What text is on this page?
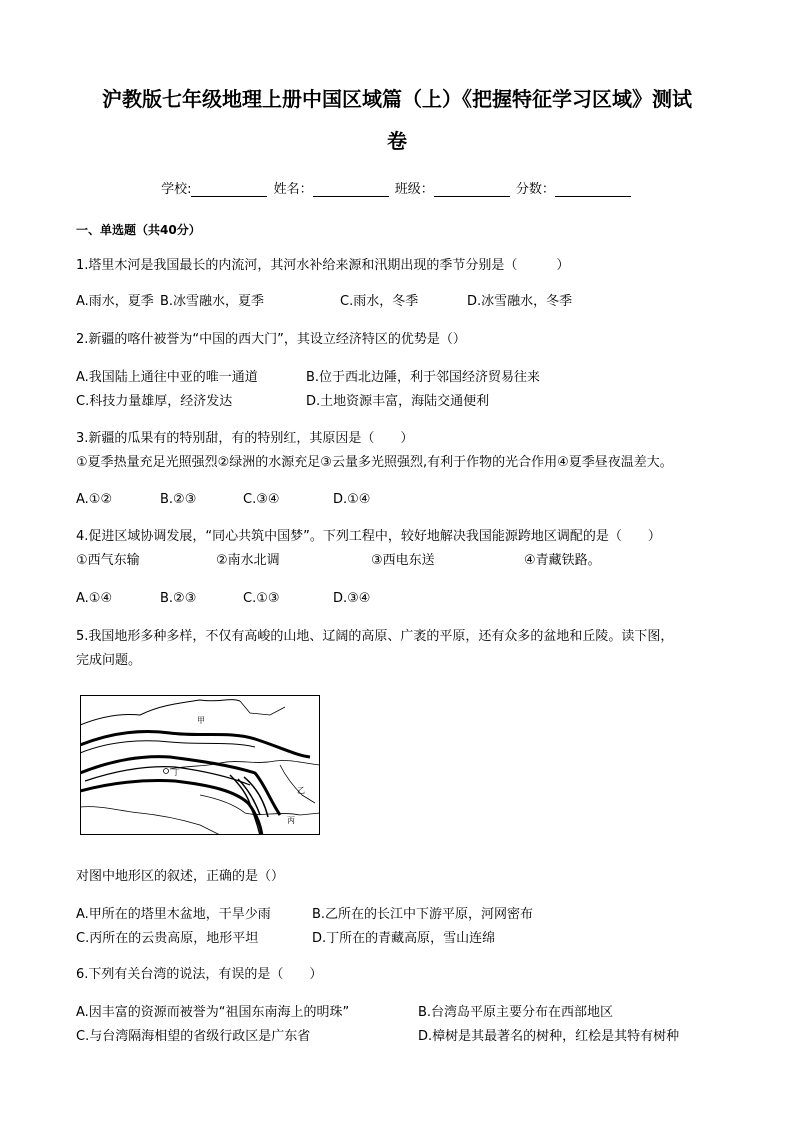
沪教版七年级地理上册中国区域篇（上）《把握特征学习区域》测试
卷
学校:	姓名：	班级：	分数：
一、单选题（共40分）
1.塔里木河是我国最长的内流河，其河水补给来源和汛期出现的季节分别是（　　　）
A.雨水，夏季 B.冰雪融水，夏季	C.雨水，冬季	D.冰雪融水，冬季
2.新疆的喀什被誉为“中国的西大门”，其设立经济特区的优势是（）
A.我国陆上通往中亚的唯一通道	B.位于西北边陲，利于邻国经济贸易往来
C.科技力量雄厚，经济发达	D.土地资源丰富，海陆交通便利
3.新疆的瓜果有的特别甜，有的特别红，其原因是（　　）
①夏季热量充足光照强烈②绿洲的水源充足③云量多光照强烈,有利于作物的光合作用④夏季昼夜温差大。
A.①②	B.②③	C.③④	D.①④
4.促进区域协调发展，“同心共筑中国梦”。下列工程中，较好地解决我国能源跨地区调配的是（　　）
①西气东输	②南水北调	③西电东送	④青藏铁路。
A.①④	B.②③	C.①③	D.③④
5.我国地形多种多样，不仅有高峻的山地、辽阔的高原、广袤的平原，还有众多的盆地和丘陵。读下图，
完成问题。
甲
乙
丙
丁
对图中地形区的叙述，正确的是（）
A.甲所在的塔里木盆地，干旱少雨	B.乙所在的长江中下游平原，河网密布
C.丙所在的云贵高原，地形平坦	D.丁所在的青藏高原，雪山连绵
6.下列有关台湾的说法，有误的是（　　）
A.因丰富的资源而被誉为“祖国东南海上的明珠”	B.台湾岛平原主要分布在西部地区
C.与台湾隔海相望的省级行政区是广东省	D.樟树是其最著名的树种，红桧是其特有树种
